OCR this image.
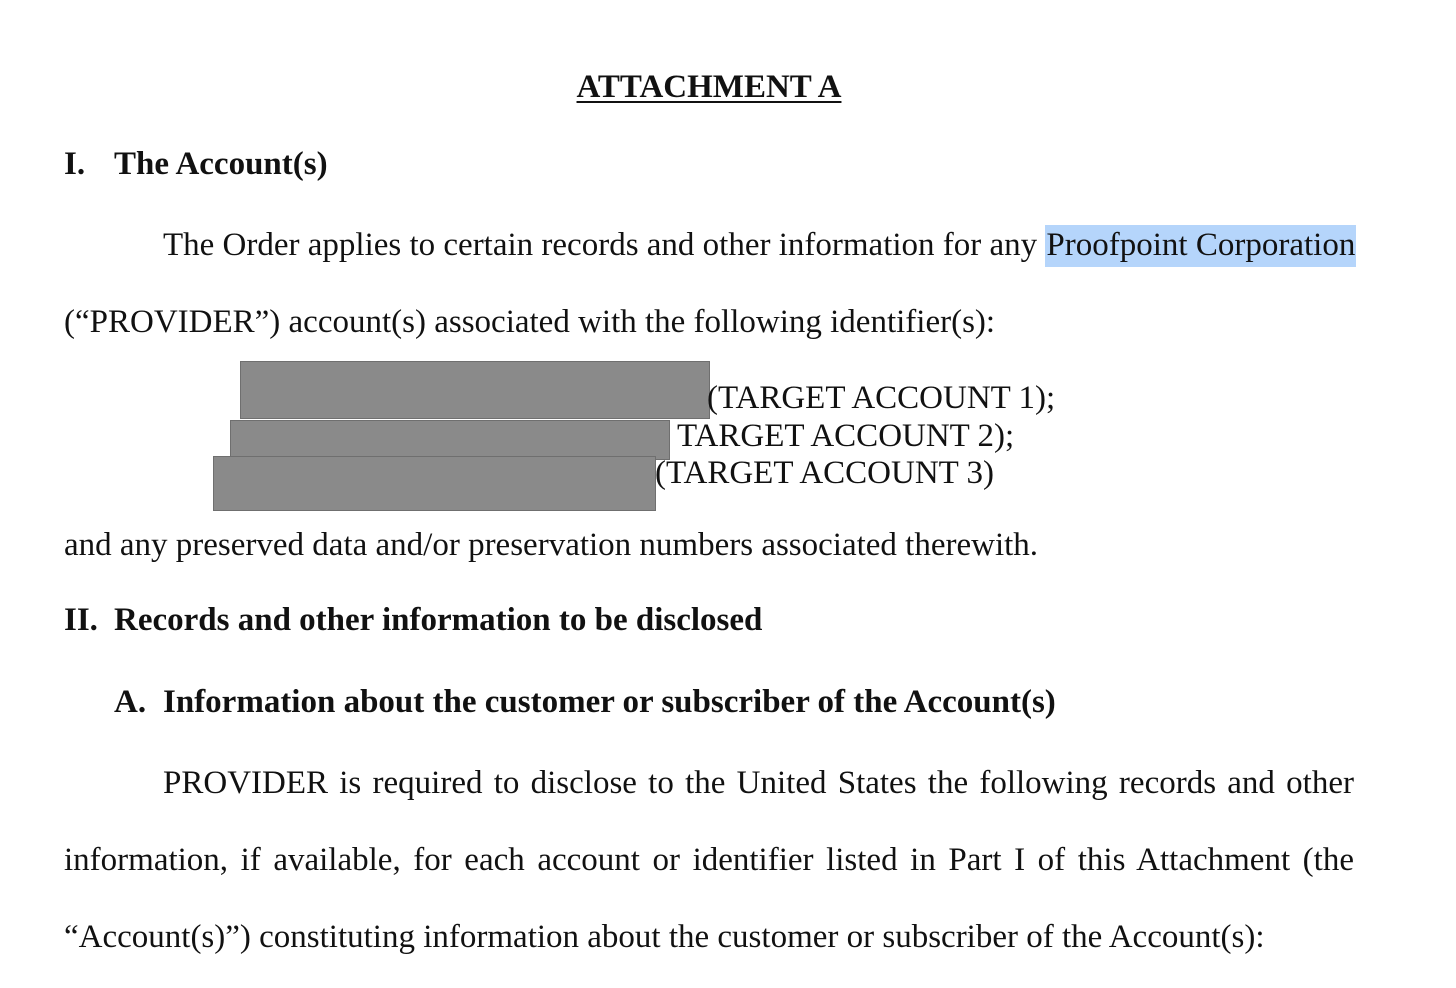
ATTACHMENT A
I. The Account(s)
The Order applies to certain records and other information for any Proofpoint Corporation
(“PROVIDER”) account(s) associated with the following identifier(s):
(TARGET ACCOUNT 1);
TARGET ACCOUNT 2);
(TARGET ACCOUNT 3)
and any preserved data and/or preservation numbers associated therewith.
II. Records and other information to be disclosed
A. Information about the customer or subscriber of the Account(s)
PROVIDER is required to disclose to the United States the following records and other
information, if available, for each account or identifier listed in Part I of this Attachment (the
“Account(s)”) constituting information about the customer or subscriber of the Account(s):
